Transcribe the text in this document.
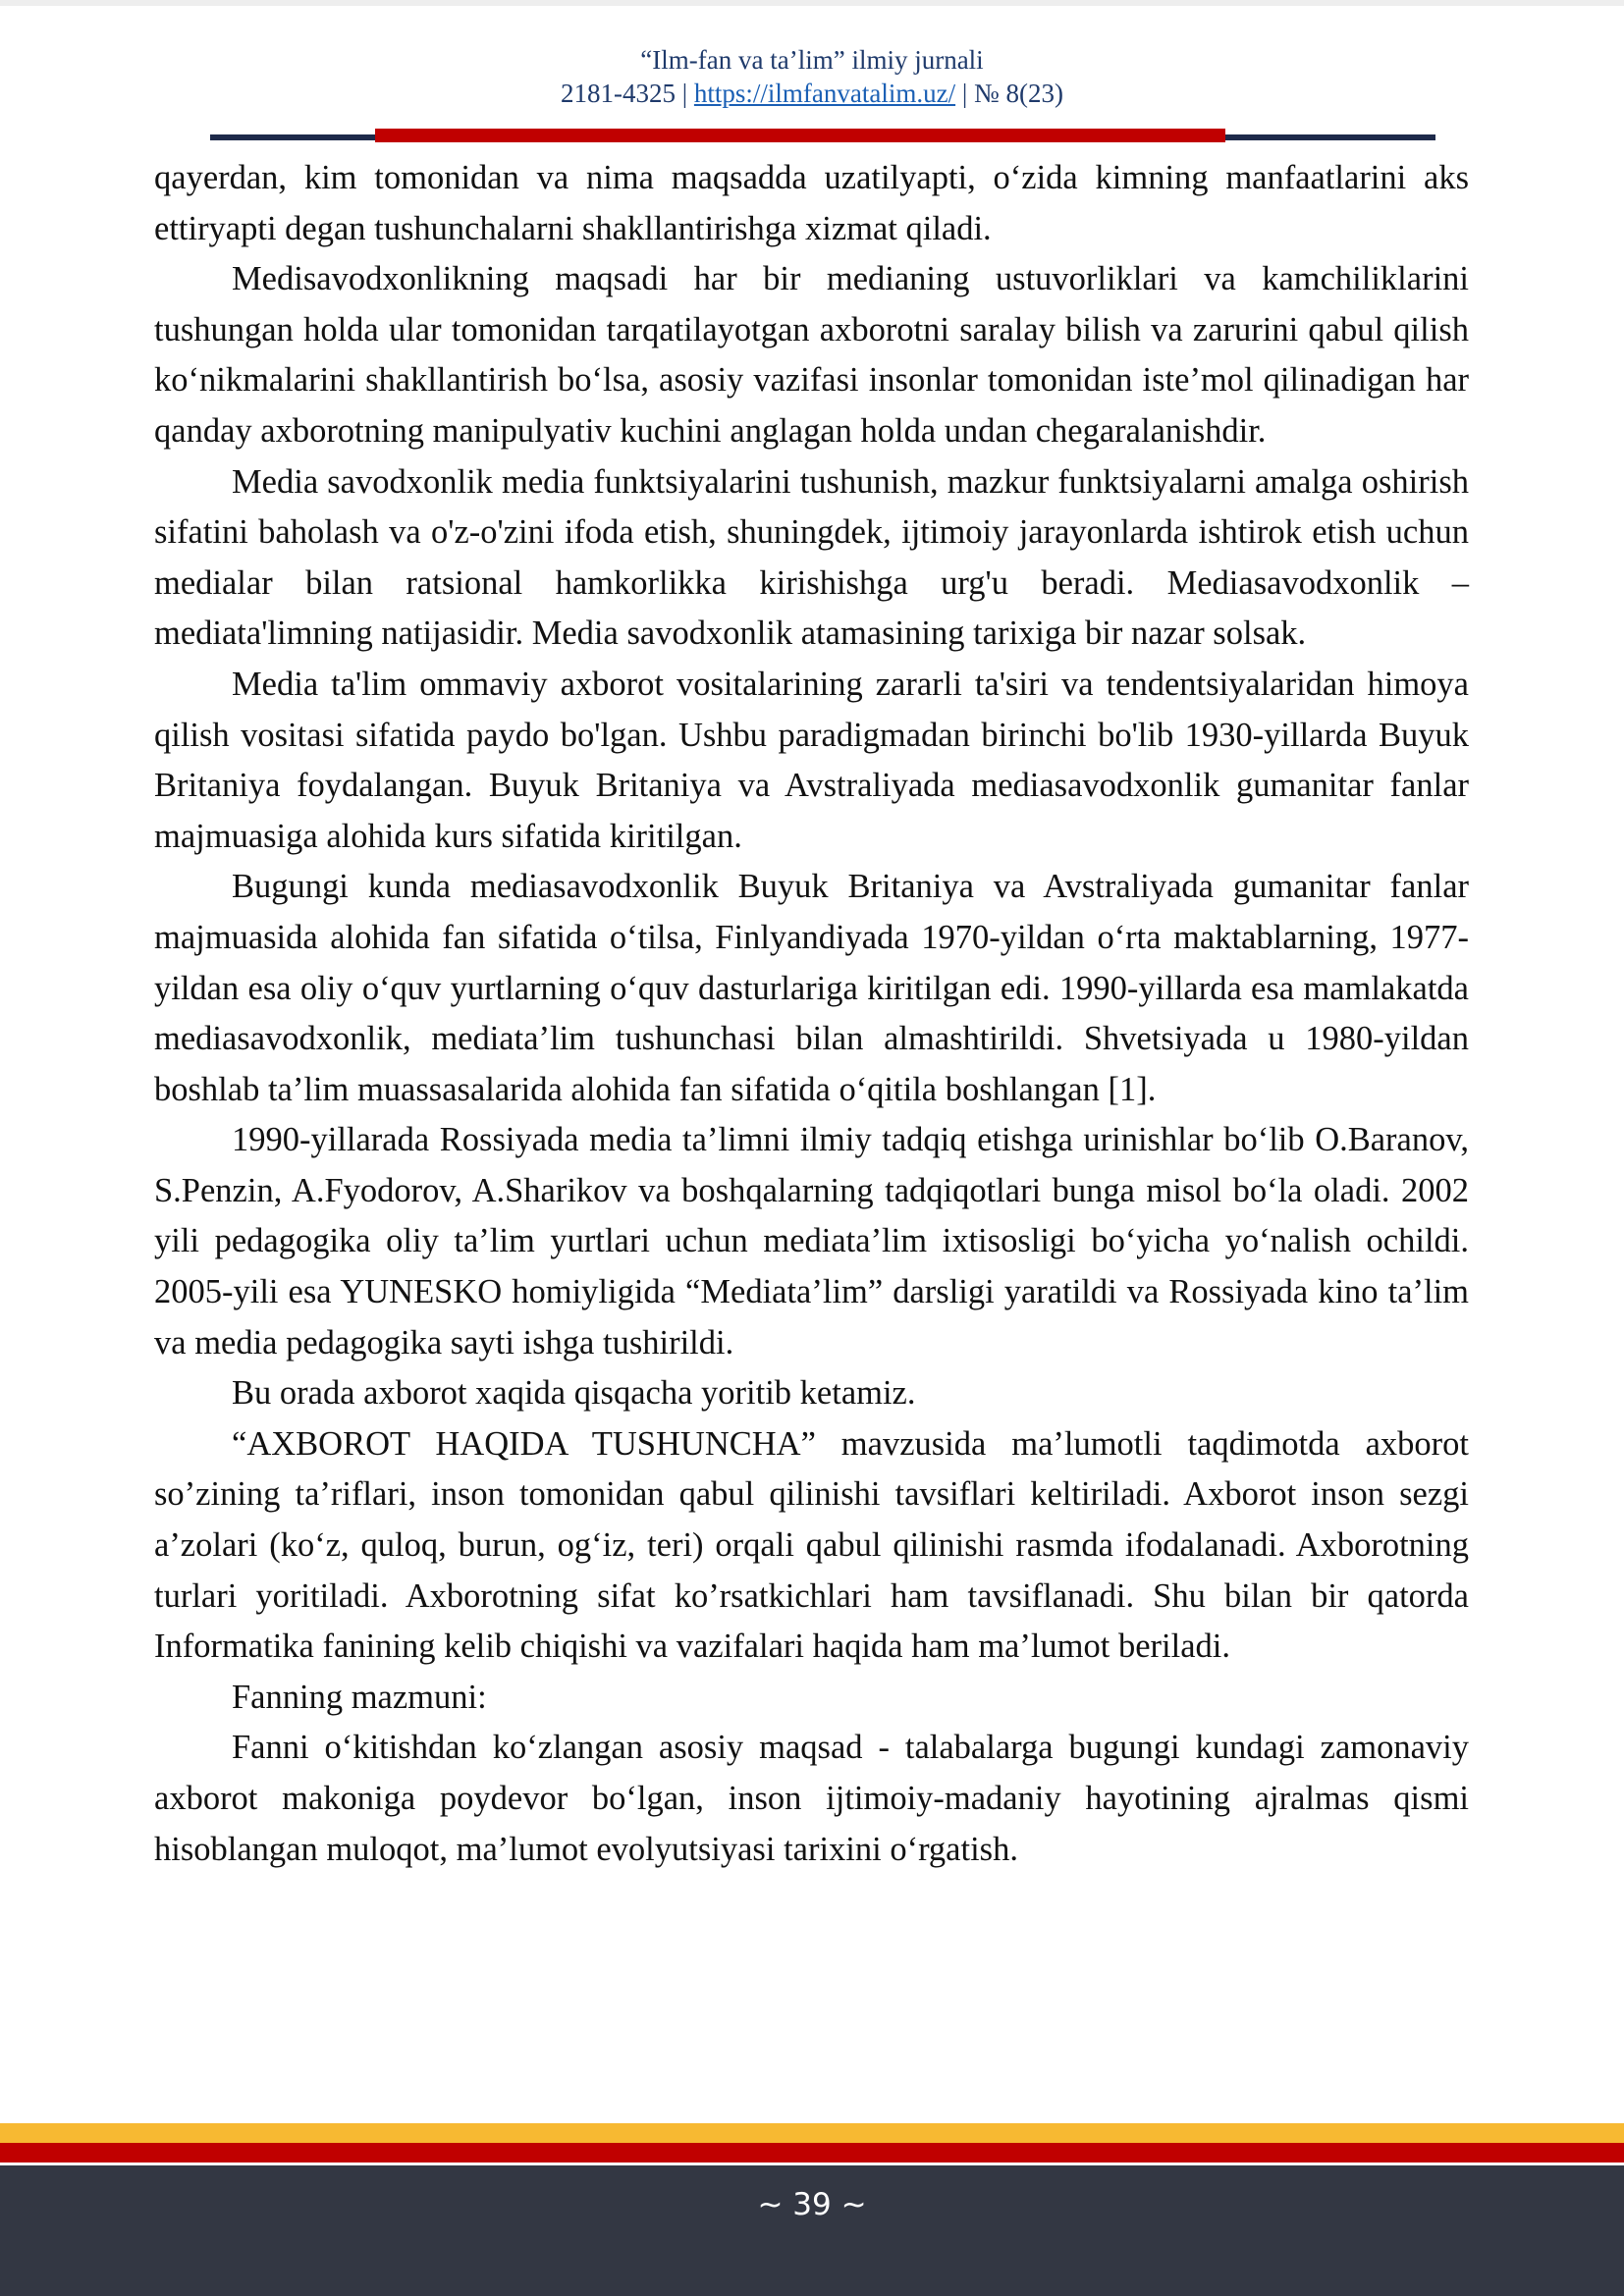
“Ilm-fan va ta’lim” ilmiy jurnali
2181-4325 | https://ilmfanvatalim.uz/ | № 8(23)

qayerdan, kim tomonidan va nima maqsadda uzatilyapti, o‘zida kimning manfaatlarini aks ettiryapti degan tushunchalarni shakllantirishga xizmat qiladi.

Medisavodxonlikning maqsadi har bir medianing ustuvorliklari va kamchiliklarini tushungan holda ular tomonidan tarqatilayotgan axborotni saralay bilish va zarurini qabul qilish ko‘nikmalarini shakllantirish bo‘lsa, asosiy vazifasi insonlar tomonidan iste’mol qilinadigan har qanday axborotning manipulyativ kuchini anglagan holda undan chegaralanishdir.

Media savodxonlik media funktsiyalarini tushunish, mazkur funktsiyalarni amalga oshirish sifatini baholash va o'z-o'zini ifoda etish, shuningdek, ijtimoiy jarayonlarda ishtirok etish uchun medialar bilan ratsional hamkorlikka kirishishga urg'u beradi. Mediasavodxonlik – mediata'limning natijasidir. Media savodxonlik atamasining tarixiga bir nazar solsak.

Media ta'lim ommaviy axborot vositalarining zararli ta'siri va tendentsiyalaridan himoya qilish vositasi sifatida paydo bo'lgan. Ushbu paradigmadan birinchi bo'lib 1930-yillarda Buyuk Britaniya foydalangan. Buyuk Britaniya va Avstraliyada mediasavodxonlik gumanitar fanlar majmuasiga alohida kurs sifatida kiritilgan.

Bugungi kunda mediasavodxonlik Buyuk Britaniya va Avstraliyada gumanitar fanlar majmuasida alohida fan sifatida o‘tilsa, Finlyandiyada 1970-yildan o‘rta maktablarning, 1977-yildan esa oliy o‘quv yurtlarning o‘quv dasturlariga kiritilgan edi. 1990-yillarda esa mamlakatda mediasavodxonlik, mediata’lim tushunchasi bilan almashtirildi. Shvetsiyada u 1980-yildan boshlab ta’lim muassasalarida alohida fan sifatida o‘qitila boshlangan [1].

1990-yillarada Rossiyada media ta’limni ilmiy tadqiq etishga urinishlar bo‘lib O.Baranov, S.Penzin, A.Fyodorov, A.Sharikov va boshqalarning tadqiqotlari bunga misol bo‘la oladi. 2002 yili pedagogika oliy ta’lim yurtlari uchun mediata’lim ixtisosligi bo‘yicha yo‘nalish ochildi. 2005-yili esa YUNESKO homiyligida “Mediata’lim” darsligi yaratildi va Rossiyada kino ta’lim va media pedagogika sayti ishga tushirildi.

Bu orada axborot xaqida qisqacha yoritib ketamiz.

“AXBOROT HAQIDA TUSHUNCHA” mavzusida ma’lumotli taqdimotda axborot so’zining ta’riflari, inson tomonidan qabul qilinishi tavsiflari keltiriladi. Axborot inson sezgi a’zolari (ko‘z, quloq, burun, og‘iz, teri) orqali qabul qilinishi rasmda ifodalanadi. Axborotning turlari yoritiladi. Axborotning sifat ko’rsatkichlari ham tavsiflanadi. Shu bilan bir qatorda Informatika fanining kelib chiqishi va vazifalari haqida ham ma’lumot beriladi.

Fanning mazmuni:

Fanni o‘kitishdan ko‘zlangan asosiy maqsad - talabalarga bugungi kundagi zamonaviy axborot makoniga poydevor bo‘lgan, inson ijtimoiy-madaniy hayotining ajralmas qismi hisoblangan muloqot, ma’lumot evolyutsiyasi tarixini o‘rgatish.

~ 39 ~
